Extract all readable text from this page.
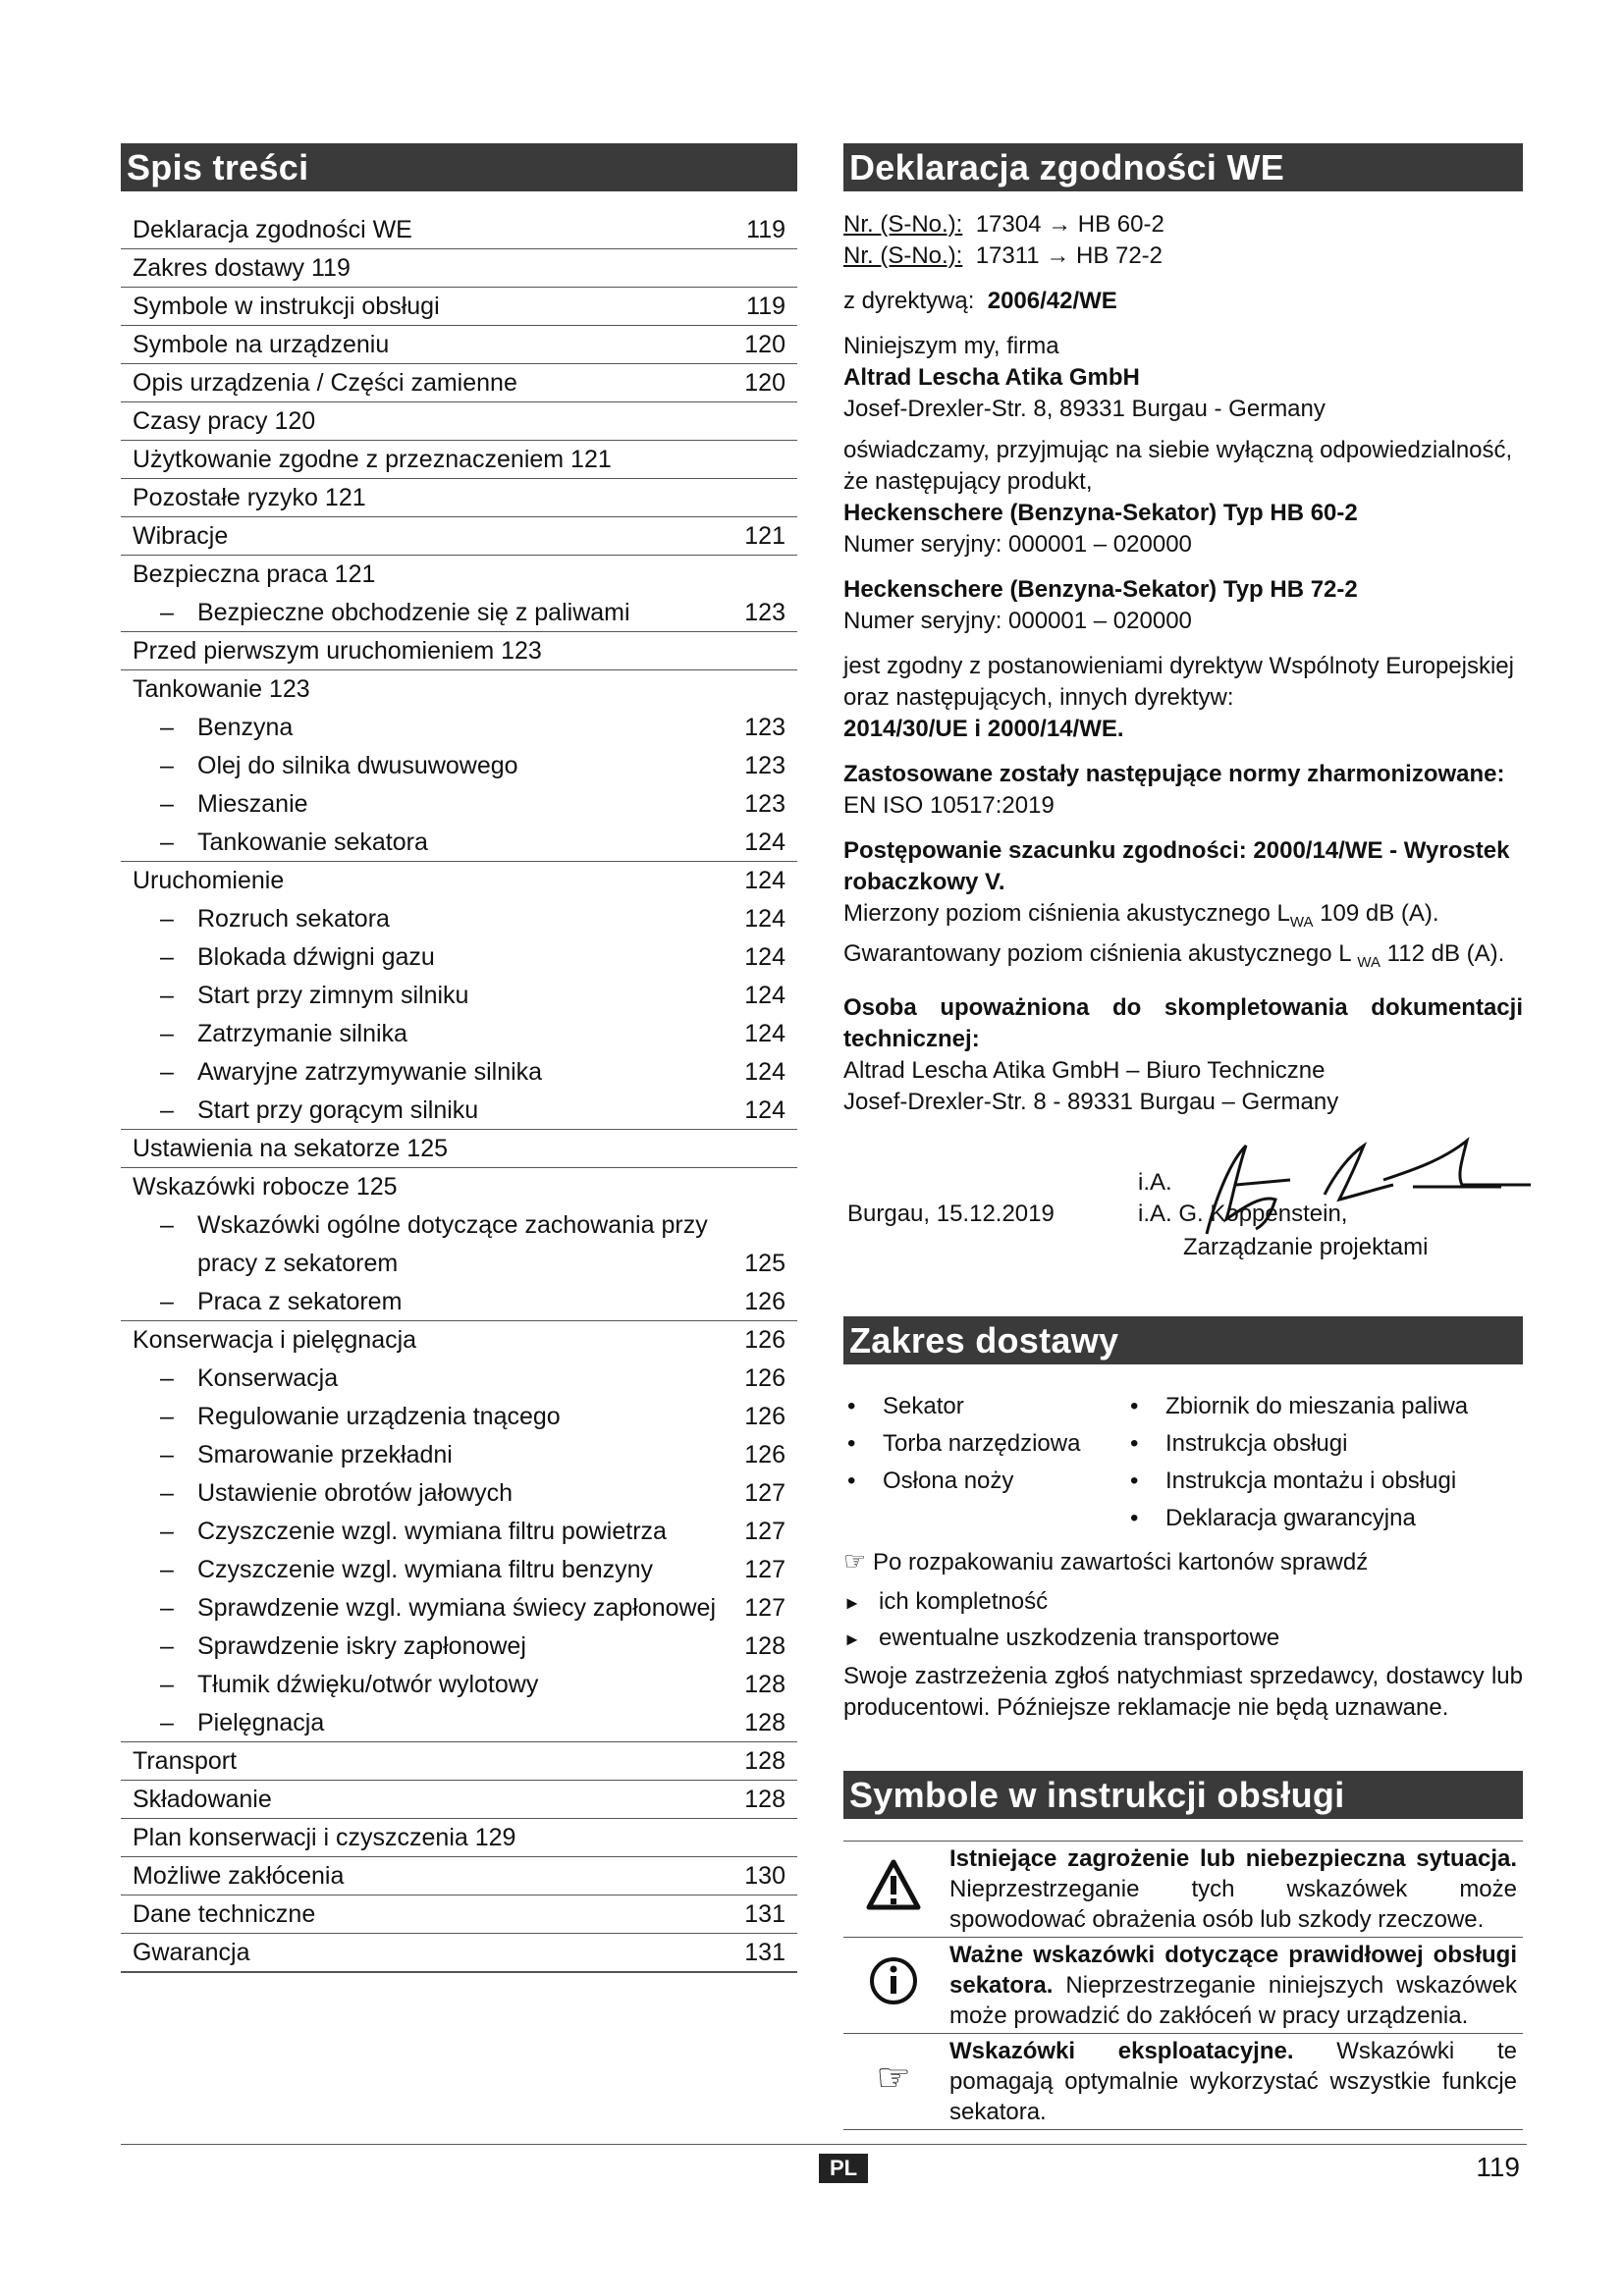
Spis treści
Deklaracja zgodności WE	119
Zakres dostawy 119
Symbole w instrukcji obsługi	119
Symbole na urządzeniu	120
Opis urządzenia / Części zamienne	120
Czasy pracy 120
Użytkowanie zgodne z przeznaczeniem 121
Pozostałe ryzyko 121
Wibracje	121
Bezpieczna praca 121
– Bezpieczne obchodzenie się z paliwami	123
Przed pierwszym uruchomieniem 123
Tankowanie 123
– Benzyna	123
– Olej do silnika dwusuwowego	123
– Mieszanie	123
– Tankowanie sekatora	124
Uruchomienie	124
– Rozruch sekatora	124
– Blokada dźwigni gazu	124
– Start przy zimnym silniku	124
– Zatrzymanie silnika	124
– Awaryjne zatrzymywanie silnika	124
– Start przy gorącym silniku	124
Ustawienia na sekatorze 125
Wskazówki robocze 125
– Wskazówki ogólne dotyczące zachowania przy
pracy z sekatorem	125
– Praca z sekatorem	126
Konserwacja i pielęgnacja	126
– Konserwacja	126
– Regulowanie urządzenia tnącego	126
– Smarowanie przekładni	126
– Ustawienie obrotów jałowych	127
– Czyszczenie wzgl. wymiana filtru powietrza	127
– Czyszczenie wzgl. wymiana filtru benzyny	127
– Sprawdzenie wzgl. wymiana świecy zapłonowej 127
– Sprawdzenie iskry zapłonowej	128
– Tłumik dźwięku/otwór wylotowy	128
– Pielęgnacja	128
Transport	128
Składowanie	128
Plan konserwacji i czyszczenia 129
Możliwe zakłócenia	130
Dane techniczne	131
Gwarancja	131
Deklaracja zgodności WE

Nr. (S-No.): 17304 → HB 60-2

Nr. (S-No.): 17311 → HB 72-2

z dyrektywą: 2006/42/WE

Niniejszym my, firma

Altrad Lescha Atika GmbH

Josef-Drexler-Str. 8, 89331 Burgau - Germany

oświadczamy, przyjmując na siebie wyłączną odpowiedzialność, że następujący produkt,

Heckenschere (Benzyna-Sekator) Typ HB 60-2

Numer seryjny: 000001 – 020000

Heckenschere (Benzyna-Sekator) Typ HB 72-2

Numer seryjny: 000001 – 020000

jest zgodny z postanowieniami dyrektyw Wspólnoty Europejskiej oraz następujących, innych dyrektyw:

2014/30/UE i 2000/14/WE.

Zastosowane zostały następujące normy zharmonizowane:

EN ISO 10517:2019

Postępowanie szacunku zgodności: 2000/14/WE - Wyrostek robaczkowy V.

Mierzony poziom ciśnienia akustycznego $L_{WA}$ 109 dB (A).

Gwarantowany poziom ciśnienia akustycznego L $_{WA}$ 112 dB (A).

Osoba upoważniona do skompletowania dokumentacji technicznej:

Altrad Lescha Atika GmbH – Biuro Techniczne

Josef-Drexler-Str. 8 - 89331 Burgau – Germany

Burgau, 15.12.2019
i.A.
i.A. G. Koppenstein,
Zarządzanie projektami
Zakres dostawy
• Sekator
• Torba narzędziowa
• Osłona noży
• Zbiornik do mieszania paliwa
• Instrukcja obsługi
• Instrukcja montażu i obsługi
• Deklaracja gwarancyjna

☞ Po rozpakowaniu zawartości kartonów sprawdź

► ich kompletność
► ewentualne uszkodzenia transportowe

Swoje zastrzeżenia zgłoś natychmiast sprzedawcy, dostawcy lub producentowi. Późniejsze reklamacje nie będą uznawane.

Symbole w instrukcji obsługi
	Istniejące zagrożenie lub niebezpieczna sytuacja. Nieprzestrzeganie tych wskazówek może spowodować obrażenia osób lub szkody rzeczowe.
	Ważne wskazówki dotyczące prawidłowej obsługi sekatora. Nieprzestrzeganie niniejszych wskazówek może prowadzić do zakłóceń w pracy urządzenia.
☞	Wskazówki eksploatacyjne. Wskazówki te pomagają optymalnie wykorzystać wszystkie funkcje sekatora.
PL	119
